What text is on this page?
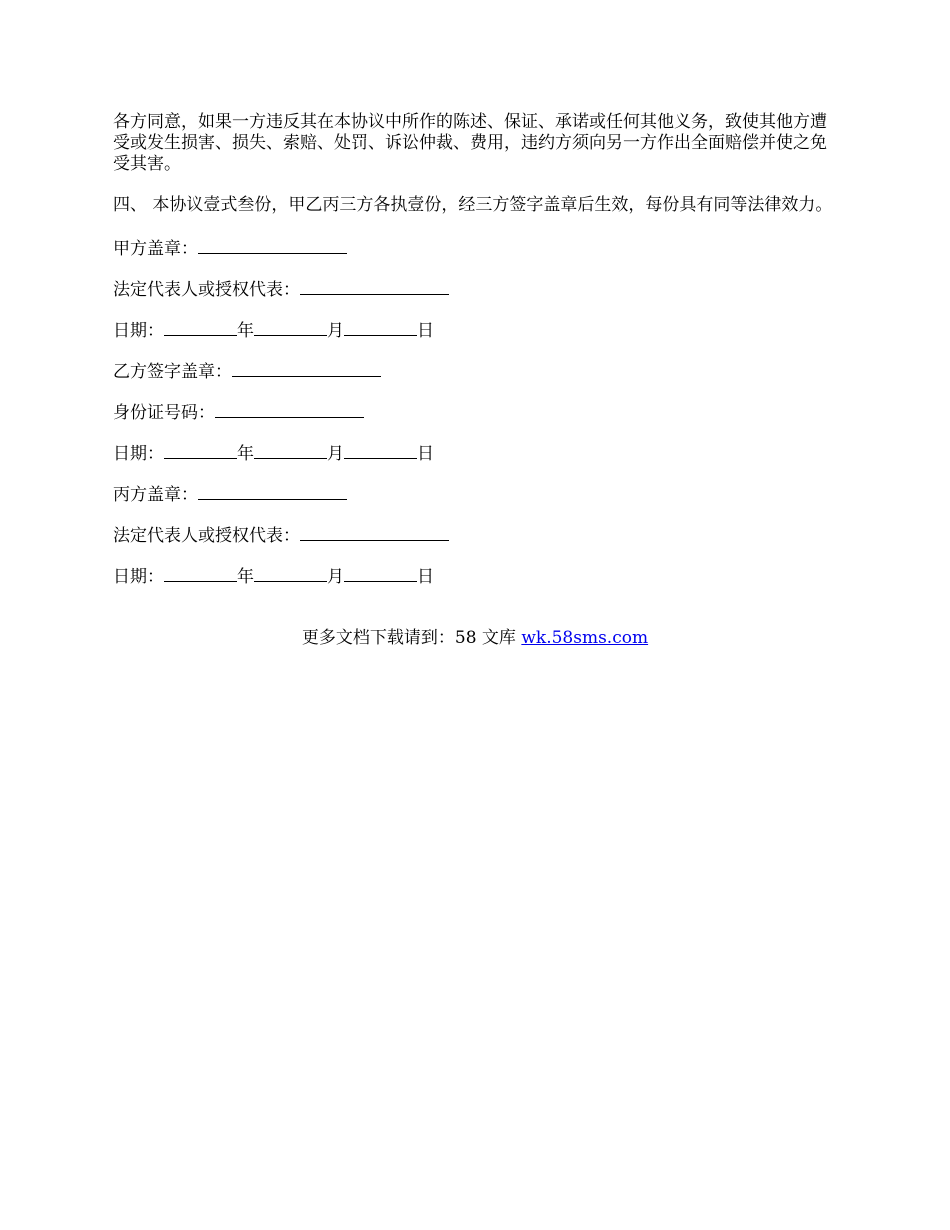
各方同意，如果一方违反其在本协议中所作的陈述、保证、承诺或任何其他义务，致使其他方遭受或发生损害、损失、索赔、处罚、诉讼仲裁、费用，违约方须向另一方作出全面赔偿并使之免受其害。

四、 本协议壹式叁份，甲乙丙三方各执壹份，经三方签字盖章后生效，每份具有同等法律效力。

甲方盖章：
法定代表人或授权代表：
日期：	年	月	日
乙方签字盖章：
身份证号码：
日期：	年	月	日
丙方盖章：
法定代表人或授权代表：
日期：	年	月	日
更多文档下载请到：58 文库 wk.58sms.com
